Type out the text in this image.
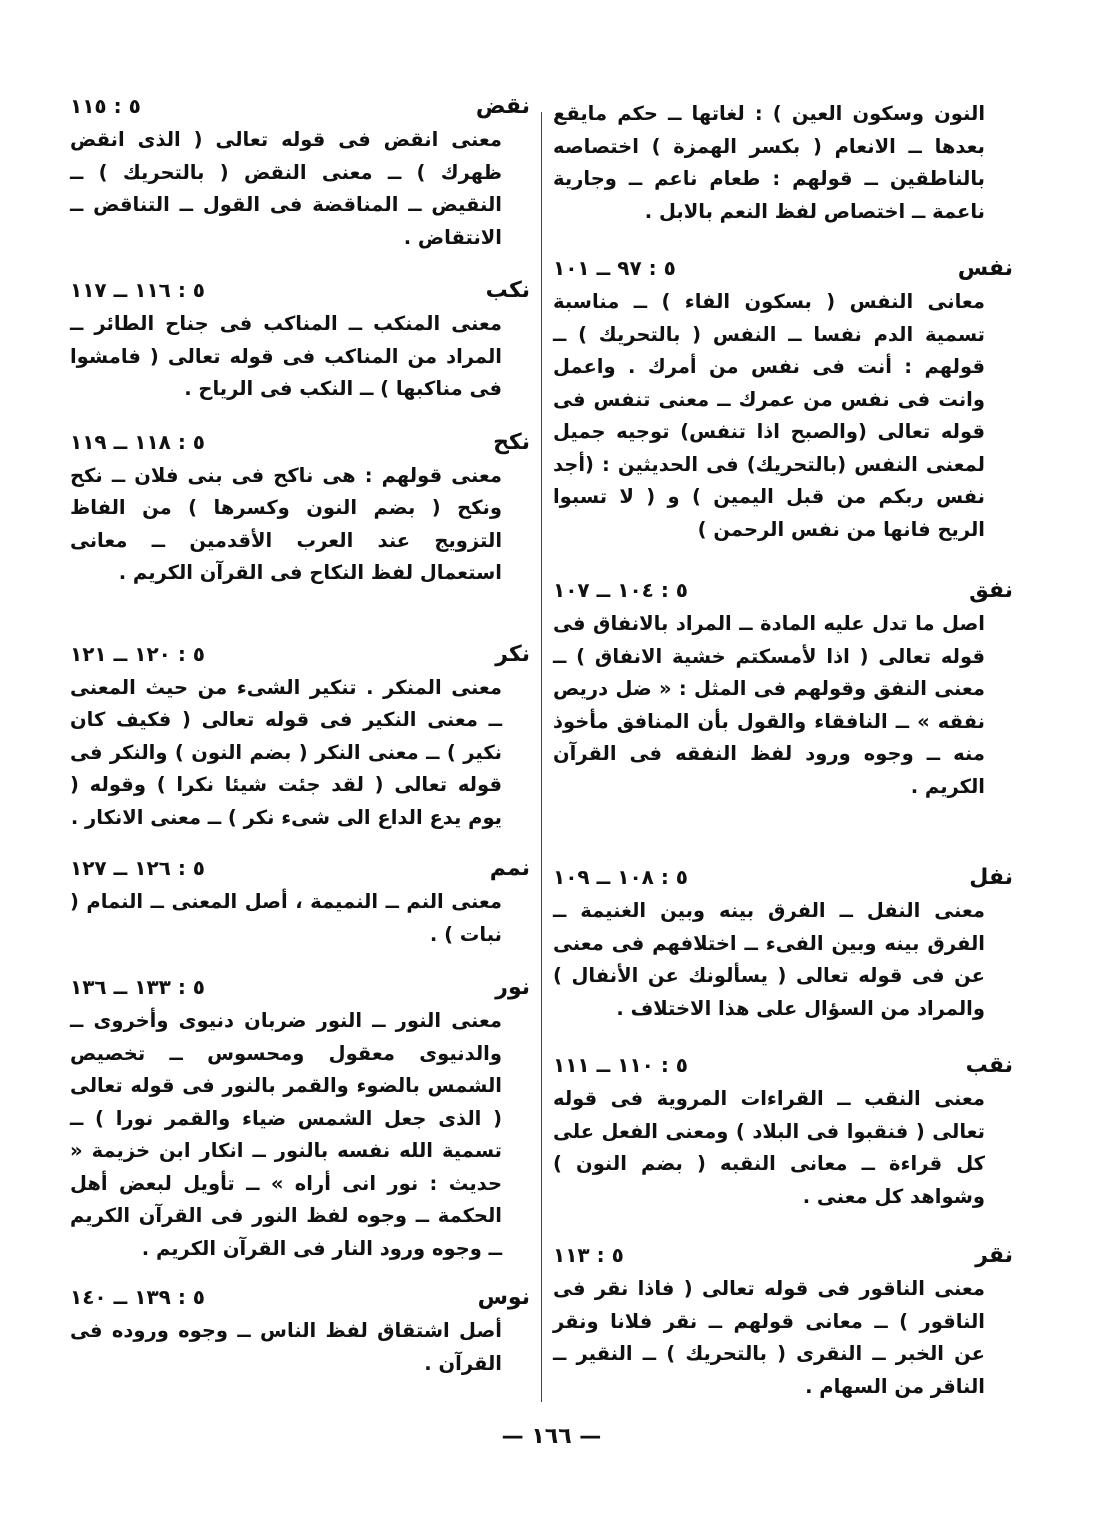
النون وسكون العين ) : لغاتها ــ حكم مايقع بعدها ــ الانعام ( بكسر الهمزة ) اختصاصه بالناطقين ــ قولهم : طعام ناعم ــ وجارية ناعمة ــ اختصاص لفظ النعم بالابل .
نفس
٥ : ٩٧ ــ ١٠١
معانى النفس ( بسكون الفاء ) ــ مناسبة تسمية الدم نفسا ــ النفس ( بالتحريك ) ــ قولهم : أنت فى نفس من أمرك . واعمل وانت فى نفس من عمرك ــ معنى تنفس فى قوله تعالى (والصبح اذا تنفس) توجيه جميل لمعنى النفس (بالتحريك) فى الحديثين : (أجد نفس ربكم من قبل اليمين ) و ( لا تسبوا الريح فانها من نفس الرحمن )
نفق
٥ : ١٠٤ ــ ١٠٧
اصل ما تدل عليه المادة ــ المراد بالانفاق فى قوله تعالى ( اذا لأمسكتم خشية الانفاق ) ــ معنى النفق وقولهم فى المثل : « ضل دريص نفقه » ــ النافقاء والقول بأن المنافق مأخوذ منه ــ وجوه ورود لفظ النفقه فى القرآن الكريم .
نفل
٥ : ١٠٨ ــ ١٠٩
معنى النفل ــ الفرق بينه وبين الغنيمة ــ الفرق بينه وبين الفىء ــ اختلافهم فى معنى عن فى قوله تعالى ( يسألونك عن الأنفال ) والمراد من السؤال على هذا الاختلاف .
نقب
٥ : ١١٠ ــ ١١١
معنى النقب ــ القراءات المروية فى قوله تعالى ( فنقبوا فى البلاد ) ومعنى الفعل على كل قراءة ــ معانى النقبه ( بضم النون ) وشواهد كل معنى .
نقر
٥ : ١١٣
معنى الناقور فى قوله تعالى ( فاذا نقر فى الناقور ) ــ معانى قولهم ــ نقر فلانا ونقر عن الخبر ــ النقرى ( بالتحريك ) ــ النقير ــ الناقر من السهام .
نقض
٥ : ١١٥
معنى انقض فى قوله تعالى ( الذى انقض ظهرك ) ــ معنى النقض ( بالتحريك ) ــ النقيض ــ المناقضة فى القول ــ التناقض ــ الانتقاض .
نكب
٥ : ١١٦ ــ ١١٧
معنى المنكب ــ المناكب فى جناح الطائر ــ المراد من المناكب فى قوله تعالى ( فامشوا فى مناكبها ) ــ النكب فى الرياح .
نكح
٥ : ١١٨ ــ ١١٩
معنى قولهم : هى ناكح فى بنى فلان ــ نكح ونكح ( بضم النون وكسرها ) من الفاظ التزويج عند العرب الأقدمين ــ معانى استعمال لفظ النكاح فى القرآن الكريم .
نكر
٥ : ١٢٠ ــ ١٢١
معنى المنكر . تنكير الشىء من حيث المعنى ــ معنى النكير فى قوله تعالى ( فكيف كان نكير ) ــ معنى النكر ( بضم النون ) والنكر فى قوله تعالى ( لقد جئت شيئا نكرا ) وقوله ( يوم يدع الداع الى شىء نكر ) ــ معنى الانكار .
نمم
٥ : ١٢٦ ــ ١٢٧
معنى النم ــ النميمة ، أصل المعنى ــ النمام ( نبات ) .
نور
٥ : ١٣٣ ــ ١٣٦
معنى النور ــ النور ضربان دنيوى وأخروى ــ والدنيوى معقول ومحسوس ــ تخصيص الشمس بالضوء والقمر بالنور فى قوله تعالى ( الذى جعل الشمس ضياء والقمر نورا ) ــ تسمية الله نفسه بالنور ــ انكار ابن خزيمة « حديث : نور انى أراه » ــ تأويل لبعض أهل الحكمة ــ وجوه لفظ النور فى القرآن الكريم ــ وجوه ورود النار فى القرآن الكريم .
نوس
٥ : ١٣٩ ــ ١٤٠
أصل اشتقاق لفظ الناس ــ وجوه وروده فى القرآن .
— ١٦٦ —
